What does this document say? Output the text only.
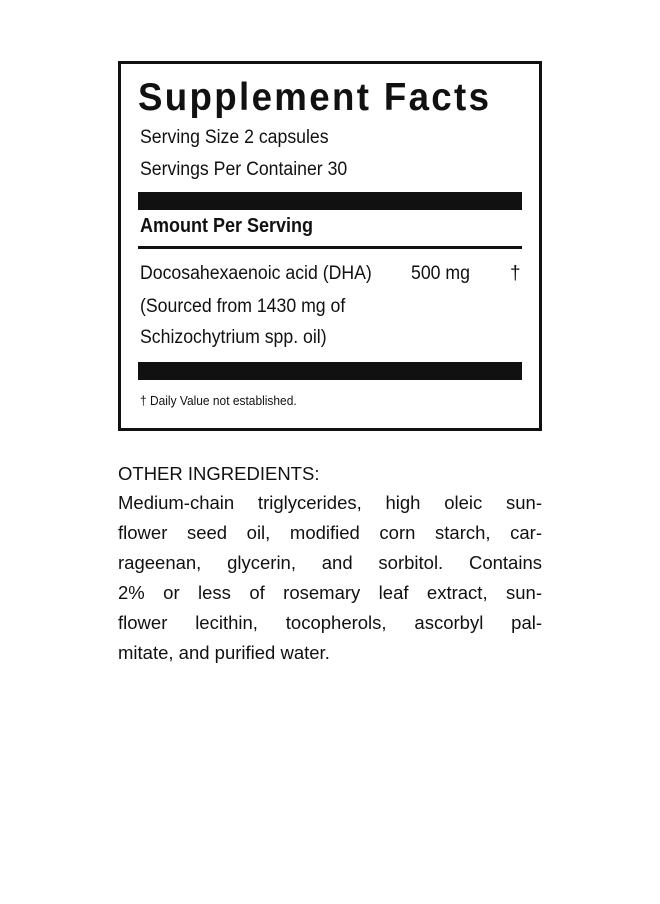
Supplement Facts
Serving Size 2 capsules
Servings Per Container 30
Amount Per Serving
Docosahexaenoic acid (DHA) 500 mg †
(Sourced from 1430 mg of
Schizochytrium spp. oil)
† Daily Value not established.
OTHER INGREDIENTS:
Medium-chain triglycerides, high oleic sun-
flower seed oil, modified corn starch, car-
rageenan, glycerin, and sorbitol. Contains
2% or less of rosemary leaf extract, sun-
flower lecithin, tocopherols, ascorbyl pal-
mitate, and purified water.
